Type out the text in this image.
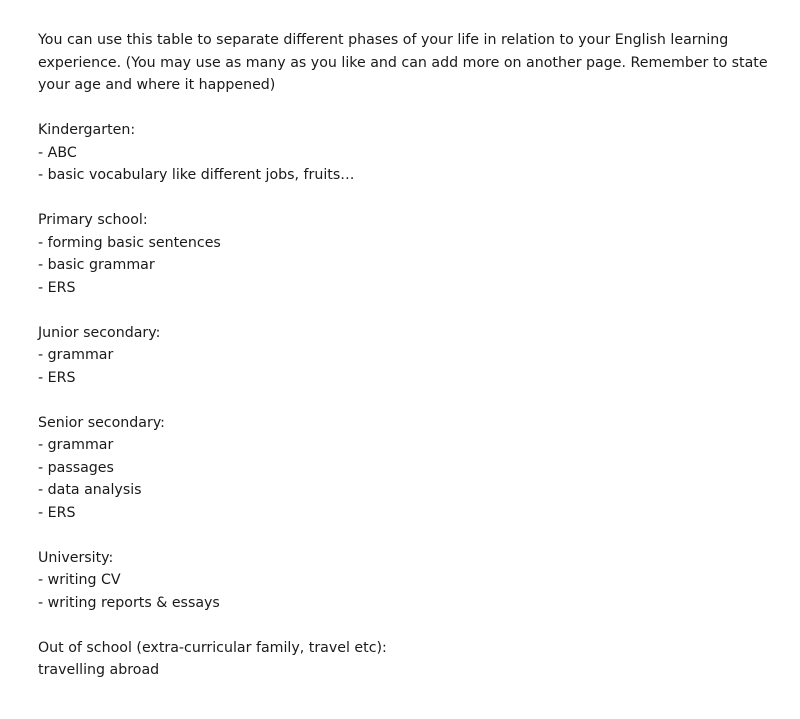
You can use this table to separate different phases of your life in relation to your English learning experience. (You may use as many as you like and can add more on another page. Remember to state your age and where it happened)

Kindergarten:

- ABC
- basic vocabulary like different jobs, fruits…

Primary school:

- forming basic sentences
- basic grammar
- ERS

Junior secondary:

- grammar
- ERS

Senior secondary:

- grammar
- passages
- data analysis
- ERS

University:

- writing CV
- writing reports & essays

Out of school (extra-curricular family, travel etc):

travelling abroad
